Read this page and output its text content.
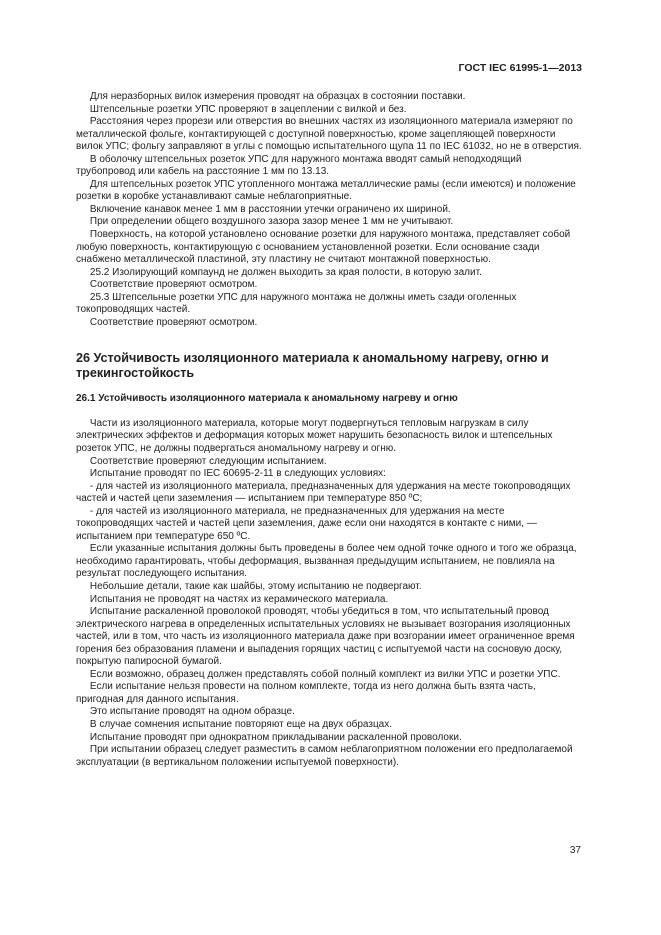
ГОСТ IEC 61995-1—2013

Для неразборных вилок измерения проводят на образцах в состоянии поставки.

Штепсельные розетки УПС проверяют в зацеплении с вилкой и без.

Расстояния через прорези или отверстия во внешних частях из изоляционного материала измеряют по металлической фольге, контактирующей с доступной поверхностью, кроме зацепляющей поверхности вилок УПС; фольгу заправляют в углы с помощью испытательного щупа 11 по IEC 61032, но не в отверстия.

В оболочку штепсельных розеток УПС для наружного монтажа вводят самый неподходящий трубопровод или кабель на расстояние 1 мм по 13.13.

Для штепсельных розеток УПС утопленного монтажа металлические рамы (если имеются) и положение розетки в коробке устанавливают самые неблагоприятные.

Включение канавок менее 1 мм в расстоянии утечки ограничено их шириной.

При определении общего воздушного зазора зазор менее 1 мм не учитывают.

Поверхность, на которой установлено основание розетки для наружного монтажа, представляет собой любую поверхность, контактирующую с основанием установленной розетки. Если основание сзади снабжено металлической пластиной, эту пластину не считают монтажной поверхностью.

25.2 Изолирующий компаунд не должен выходить за края полости, в которую залит.

Соответствие проверяют осмотром.

25.3 Штепсельные розетки УПС для наружного монтажа не должны иметь сзади оголенных токопроводящих частей.

Соответствие проверяют осмотром.

26 Устойчивость изоляционного материала к аномальному нагреву, огню и трекингостойкость
26.1 Устойчивость изоляционного материала к аномальному нагреву и огню

Части из изоляционного материала, которые могут подвергнуться тепловым нагрузкам в силу электрических эффектов и деформация которых может нарушить безопасность вилок и штепсельных розеток УПС, не должны подвергаться аномальному нагреву и огню.

Соответствие проверяют следующим испытанием.

Испытание проводят по IEC 60695-2-11 в следующих условиях:

- для частей из изоляционного материала, предназначенных для удержания на месте токопроводящих частей и частей цепи заземления — испытанием при температуре 850 ºС;

- для частей из изоляционного материала, не предназначенных для удержания на месте токопроводящих частей и частей цепи заземления, даже если они находятся в контакте с ними, — испытанием при температуре 650 ºС.

Если указанные испытания должны быть проведены в более чем одной точке одного и того же образца, необходимо гарантировать, чтобы деформация, вызванная предыдущим испытанием, не повлияла на результат последующего испытания.

Небольшие детали, такие как шайбы, этому испытанию не подвергают.

Испытания не проводят на частях из керамического материала.

Испытание раскаленной проволокой проводят, чтобы убедиться в том, что испытательный провод электрического нагрева в определенных испытательных условиях не вызывает возгорания изоляционных частей, или в том, что часть из изоляционного материала даже при возгорании имеет ограниченное время горения без образования пламени и выпадения горящих частиц с испытуемой части на сосновую доску, покрытую папиросной бумагой.

Если возможно, образец должен представлять собой полный комплект из вилки УПС и розетки УПС.

Если испытание нельзя провести на полном комплекте, тогда из него должна быть взята часть, пригодная для данного испытания.

Это испытание проводят на одном образце.

В случае сомнения испытание повторяют еще на двух образцах.

Испытание проводят при однократном прикладывании раскаленной проволоки.

При испытании образец следует разместить в самом неблагоприятном положении его предполагаемой эксплуатации (в вертикальном положении испытуемой поверхности).

37
